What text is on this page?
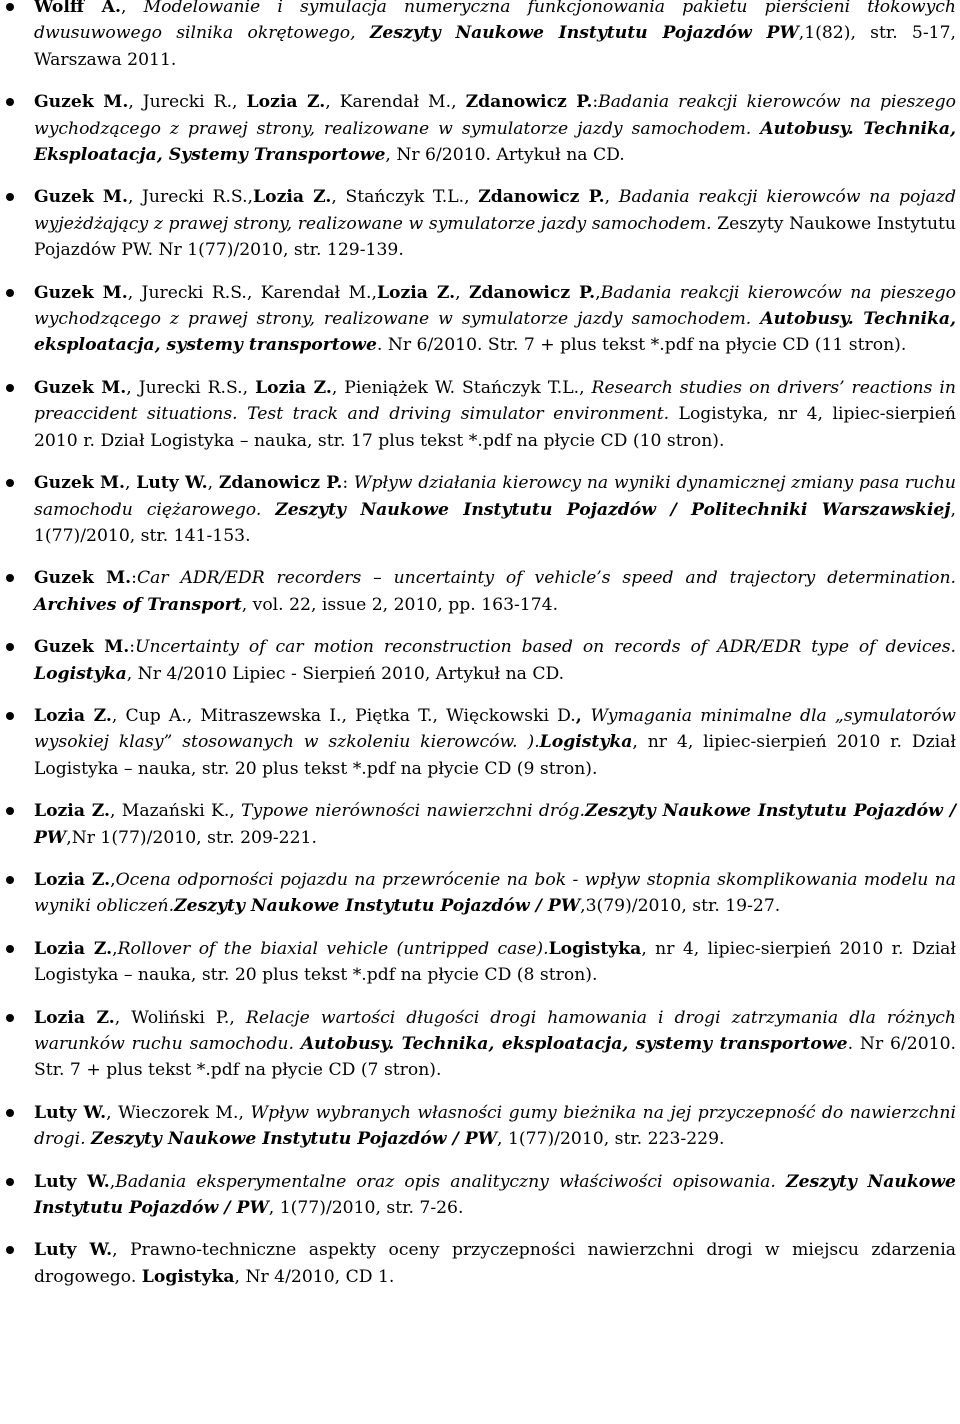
Wolff A., Modelowanie i symulacja numeryczna funkcjonowania pakietu pierścieni tłokowych dwusuwowego silnika okrętowego, Zeszyty Naukowe Instytutu Pojazdów PW,1(82), str. 5-17, Warszawa 2011.
Guzek M., Jurecki R., Lozia Z., Karendał M., Zdanowicz P.:Badania reakcji kierowców na pieszego wychodzącego z prawej strony, realizowane w symulatorze jazdy samochodem. Autobusy. Technika, Eksploatacja, Systemy Transportowe, Nr 6/2010. Artykuł na CD.
Guzek M., Jurecki R.S.,Lozia Z., Stańczyk T.L., Zdanowicz P., Badania reakcji kierowców na pojazd wyjeżdżający z prawej strony, realizowane w symulatorze jazdy samochodem. Zeszyty Naukowe Instytutu Pojazdów PW. Nr 1(77)/2010, str. 129-139.
Guzek M., Jurecki R.S., Karendał M.,Lozia Z., Zdanowicz P.,Badania reakcji kierowców na pieszego wychodzącego z prawej strony, realizowane w symulatorze jazdy samochodem. Autobusy. Technika, eksploatacja, systemy transportowe. Nr 6/2010. Str. 7 + plus tekst *.pdf na płycie CD (11 stron).
Guzek M., Jurecki R.S., Lozia Z., Pieniążek W. Stańczyk T.L., Research studies on drivers’ reactions in preaccident situations. Test track and driving simulator environment. Logistyka, nr 4, lipiec-sierpień 2010 r. Dział Logistyka – nauka, str. 17 plus tekst *.pdf na płycie CD (10 stron).
Guzek M., Luty W., Zdanowicz P.: Wpływ działania kierowcy na wyniki dynamicznej zmiany pasa ruchu samochodu ciężarowego. Zeszyty Naukowe Instytutu Pojazdów / Politechniki Warszawskiej, 1(77)/2010, str. 141-153.
Guzek M.:Car ADR/EDR recorders – uncertainty of vehicle’s speed and trajectory determination. Archives of Transport, vol. 22, issue 2, 2010, pp. 163-174.
Guzek M.:Uncertainty of car motion reconstruction based on records of ADR/EDR type of devices. Logistyka, Nr 4/2010 Lipiec - Sierpień 2010, Artykuł na CD.
Lozia Z., Cup A., Mitraszewska I., Piętka T., Więckowski D., Wymagania minimalne dla „symulatorów wysokiej klasy” stosowanych w szkoleniu kierowców. ).Logistyka, nr 4, lipiec-sierpień 2010 r. Dział Logistyka – nauka, str. 20 plus tekst *.pdf na płycie CD (9 stron).
Lozia Z., Mazański K., Typowe nierówności nawierzchni dróg.Zeszyty Naukowe Instytutu Pojazdów / PW,Nr 1(77)/2010, str. 209-221.
Lozia Z.,Ocena odporności pojazdu na przewrócenie na bok - wpływ stopnia skomplikowania modelu na wyniki obliczeń.Zeszyty Naukowe Instytutu Pojazdów / PW,3(79)/2010, str. 19-27.
Lozia Z.,Rollover of the biaxial vehicle (untripped case).Logistyka, nr 4, lipiec-sierpień 2010 r. Dział Logistyka – nauka, str. 20 plus tekst *.pdf na płycie CD (8 stron).
Lozia Z., Woliński P., Relacje wartości długości drogi hamowania i drogi zatrzymania dla różnych warunków ruchu samochodu. Autobusy. Technika, eksploatacja, systemy transportowe. Nr 6/2010. Str. 7 + plus tekst *.pdf na płycie CD (7 stron).
Luty W., Wieczorek M., Wpływ wybranych własności gumy bieżnika na jej przyczepność do nawierzchni drogi. Zeszyty Naukowe Instytutu Pojazdów / PW, 1(77)/2010, str. 223-229.
Luty W.,Badania eksperymentalne oraz opis analityczny właściwości opisowania. Zeszyty Naukowe Instytutu Pojazdów / PW, 1(77)/2010, str. 7-26.
Luty W., Prawno-techniczne aspekty oceny przyczepności nawierzchni drogi w miejscu zdarzenia drogowego. Logistyka, Nr 4/2010, CD 1.
